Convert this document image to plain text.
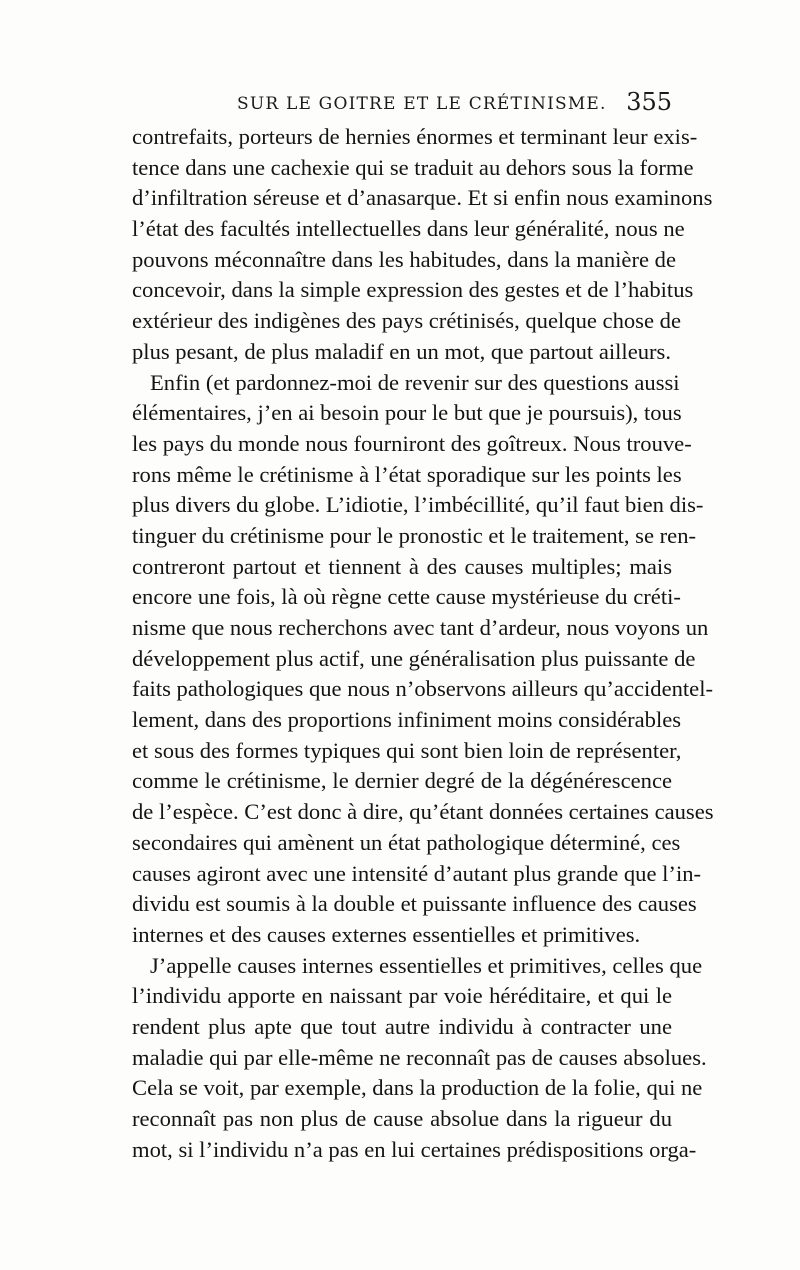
SUR LE GOITRE ET LE CRÉTINISME. 355
contrefaits, porteurs de hernies énormes et terminant leur exis-
tence dans une cachexie qui se traduit au dehors sous la forme
d’infiltration séreuse et d’anasarque. Et si enfin nous examinons
l’état des facultés intellectuelles dans leur généralité, nous ne
pouvons méconnaître dans les habitudes, dans la manière de
concevoir, dans la simple expression des gestes et de l’habitus
extérieur des indigènes des pays crétinisés, quelque chose de
plus pesant, de plus maladif en un mot, que partout ailleurs.
Enfin (et pardonnez-moi de revenir sur des questions aussi
élémentaires, j’en ai besoin pour le but que je poursuis), tous
les pays du monde nous fourniront des goîtreux. Nous trouve-
rons même le crétinisme à l’état sporadique sur les points les
plus divers du globe. L’idiotie, l’imbécillité, qu’il faut bien dis-
tinguer du crétinisme pour le pronostic et le traitement, se ren-
contreront partout et tiennent à des causes multiples; mais
encore une fois, là où règne cette cause mystérieuse du créti-
nisme que nous recherchons avec tant d’ardeur, nous voyons un
développement plus actif, une généralisation plus puissante de
faits pathologiques que nous n’observons ailleurs qu’accidentel-
lement, dans des proportions infiniment moins considérables
et sous des formes typiques qui sont bien loin de représenter,
comme le crétinisme, le dernier degré de la dégénérescence
de l’espèce. C’est donc à dire, qu’étant données certaines causes
secondaires qui amènent un état pathologique déterminé, ces
causes agiront avec une intensité d’autant plus grande que l’in-
dividu est soumis à la double et puissante influence des causes
internes et des causes externes essentielles et primitives.
J’appelle causes internes essentielles et primitives, celles que
l’individu apporte en naissant par voie héréditaire, et qui le
rendent plus apte que tout autre individu à contracter une
maladie qui par elle-même ne reconnaît pas de causes absolues.
Cela se voit, par exemple, dans la production de la folie, qui ne
reconnaît pas non plus de cause absolue dans la rigueur du
mot, si l’individu n’a pas en lui certaines prédispositions orga-
